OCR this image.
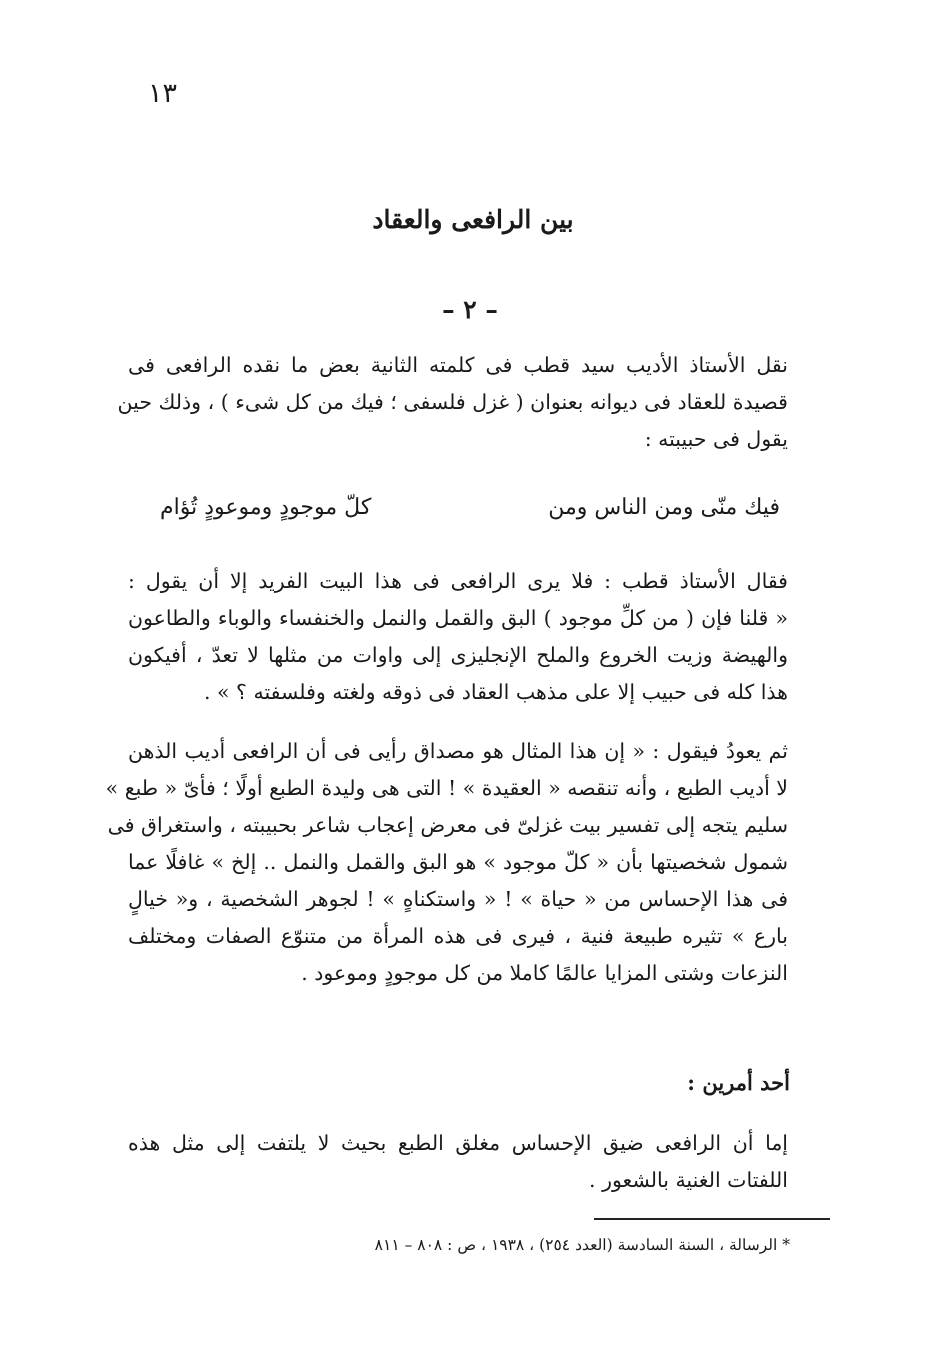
١٣
بين الرافعى والعقاد
– ٢ –
نقل الأستاذ الأديب سيد قطب فى كلمته الثانية بعض ما نقده الرافعى فى
قصيدة للعقاد فى ديوانه بعنوان ( غزل فلسفى ؛ فيك من كل شىء ) ، وذلك حين
يقول فى حبيبته :
فيك منّى ومن الناس ومن
كلّ موجودٍ وموعودٍ تُؤام
فقال الأستاذ قطب : فلا يرى الرافعى فى هذا البيت الفريد إلا أن يقول :
« قلنا فإن ( من كلِّ موجود ) البق والقمل والنمل والخنفساء والوباء والطاعون
والهيضة وزيت الخروع والملح الإنجليزى إلى واوات من مثلها لا تعدّ ، أفيكون
هذا كله فى حبيب إلا على مذهب العقاد فى ذوقه ولغته وفلسفته ؟ » .
ثم يعودُ فيقول : « إن هذا المثال هو مصداق رأيى فى أن الرافعى أديب الذهن
لا أديب الطبع ، وأنه تنقصه « العقيدة » ! التى هى وليدة الطبع أولًا ؛ فأىّ « طبع »
سليم يتجه إلى تفسير بيت غزلىّ فى معرض إعجاب شاعر بحبيبته ، واستغراق فى
شمول شخصيتها بأن « كلّ موجود » هو البق والقمل والنمل .. إلخ » غافلًا عما
فى هذا الإحساس من « حياة » ! « واستكناهٍ » ! لجوهر الشخصية ، و« خيالٍ
بارع » تثيره طبيعة فنية ، فيرى فى هذه المرأة من متنوّع الصفات ومختلف
النزعات وشتى المزايا عالمًا كاملا من كل موجودٍ وموعود .
أحد أمرين :
إما أن الرافعى ضيق الإحساس مغلق الطبع بحيث لا يلتفت إلى مثل هذه
اللفتات الغنية بالشعور .
* الرسالة ، السنة السادسة (العدد ٢٥٤) ، ١٩٣٨ ، ص : ٨٠٨ – ٨١١
